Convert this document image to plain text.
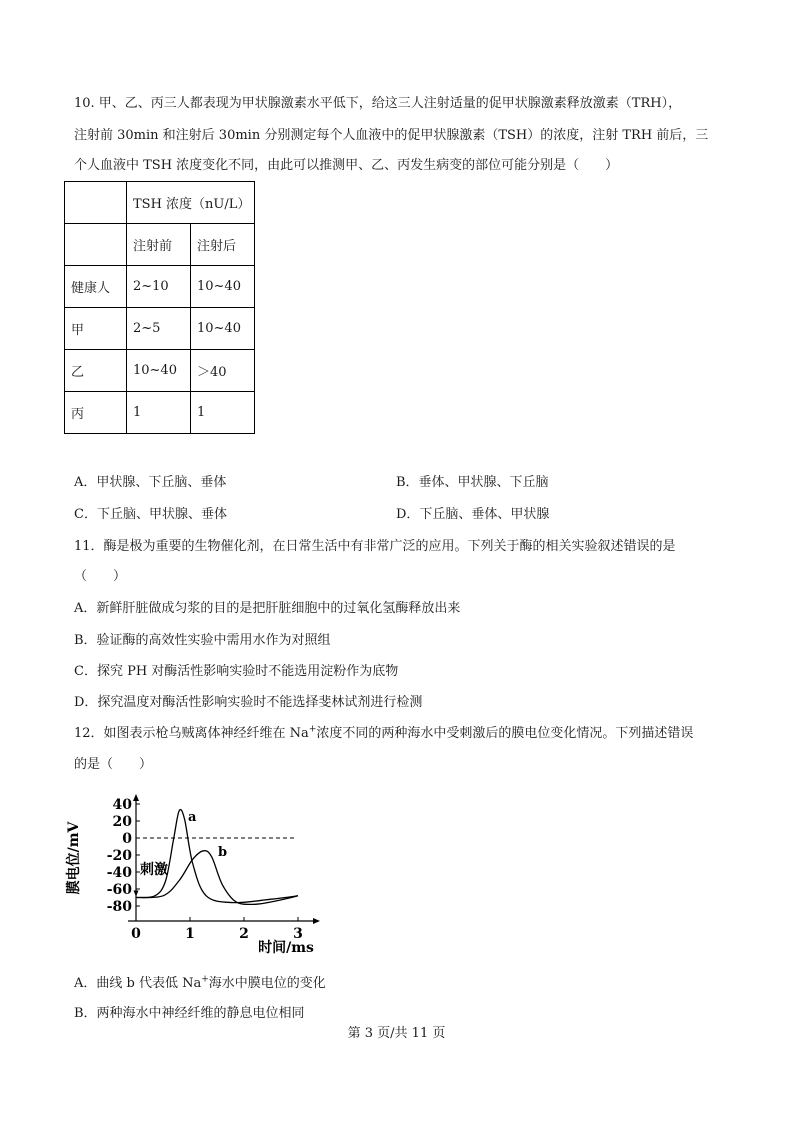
10. 甲、乙、丙三人都表现为甲状腺激素水平低下，给这三人注射适量的促甲状腺激素释放激素（TRH），
注射前 30min 和注射后 30min 分别测定每个人血液中的促甲状腺激素（TSH）的浓度，注射 TRH 前后，三
个人血液中 TSH 浓度变化不同，由此可以推测甲、乙、丙发生病变的部位可能分别是（　　）
	TSH 浓度（nU/L）	
	注射前	注射后
健康人	2~10	10~40
甲	2~5	10~40
乙	10~40	＞40
丙	1	1
A．甲状腺、下丘脑、垂体	B．垂体、甲状腺、下丘脑
C．下丘脑、甲状腺、垂体	D．下丘脑、垂体、甲状腺
11．酶是极为重要的生物催化剂，在日常生活中有非常广泛的应用。下列关于酶的相关实验叙述错误的是
（　　）
A．新鲜肝脏做成匀浆的目的是把肝脏细胞中的过氧化氢酶释放出来
B．验证酶的高效性实验中需用水作为对照组
C．探究 PH 对酶活性影响实验时不能选用淀粉作为底物
D．探究温度对酶活性影响实验时不能选择斐林试剂进行检测
12．如图表示枪乌贼离体神经纤维在 Na+浓度不同的两种海水中受刺激后的膜电位变化情况。下列描述错误
的是（　　）
40
20
0
-20
-40
-60
-80
0	1	2	3
a
b
刺激
膜电位/mV
时间/ms
A．曲线 b 代表低 Na+海水中膜电位的变化
B．两种海水中神经纤维的静息电位相同
第 3 页/共 11 页
